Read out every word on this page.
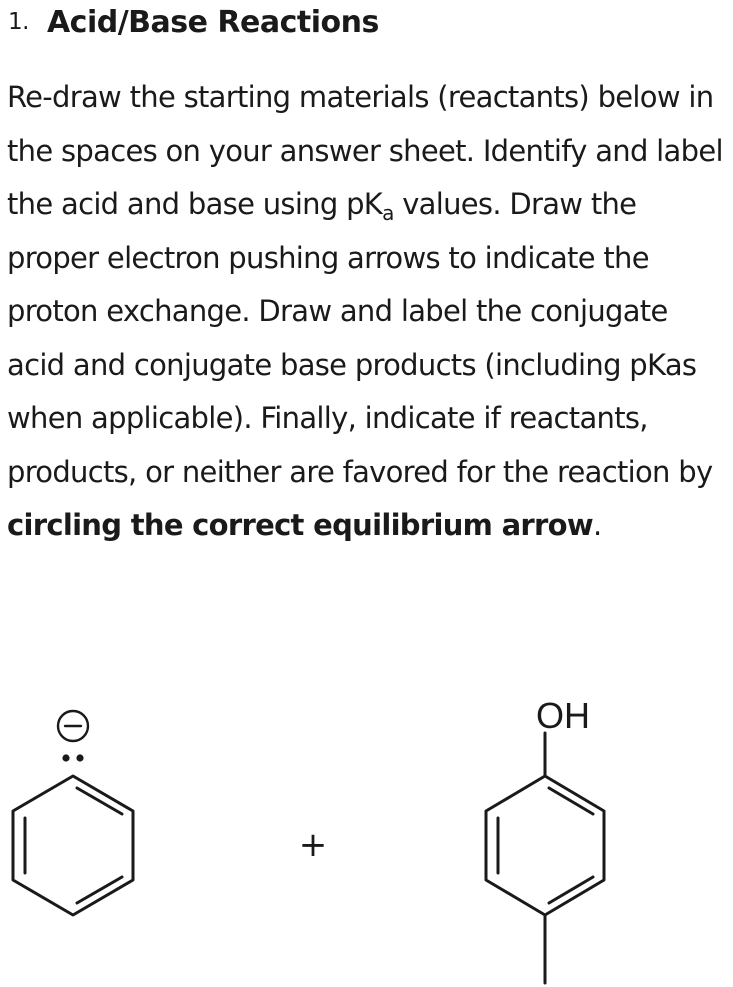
1. Acid/Base Reactions

Re-draw the starting materials (reactants) below in the spaces on your answer sheet. Identify and label the acid and base using $pK_a$ values. Draw the proper electron pushing arrows to indicate the proton exchange. Draw and label the conjugate acid and conjugate base products (including pKas when applicable). Finally, indicate if reactants, products, or neither are favored for the reaction by circling the correct equilibrium arrow.

+
OH
